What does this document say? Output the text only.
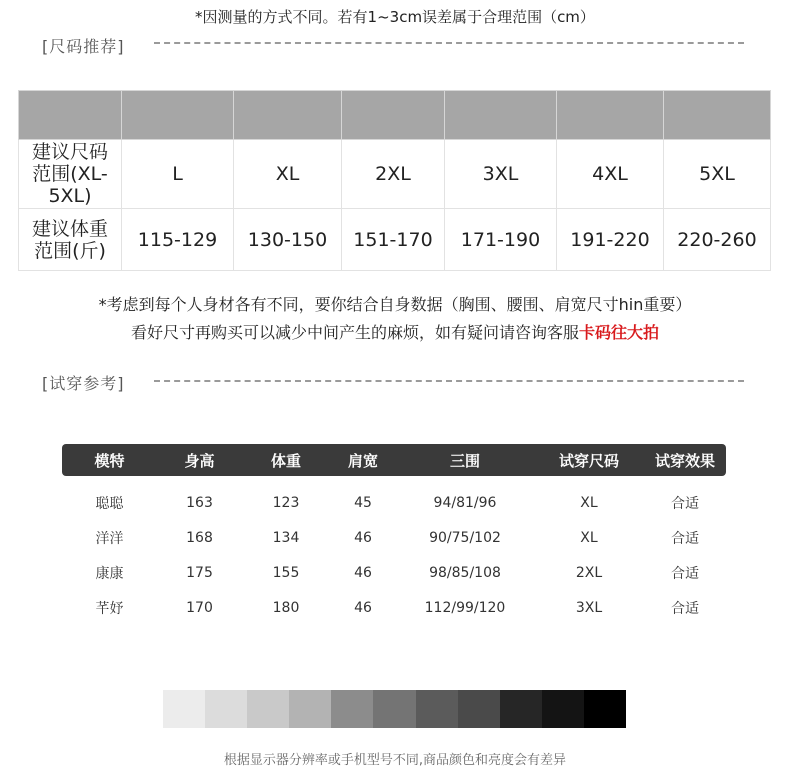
*因测量的方式不同。若有1~3cm误差属于合理范围（cm）
[尺码推荐]

建议尺码
范围(XL-5XL)	L	XL	2XL	3XL	4XL	5XL

建议体重
范围(斤)	115-129	130-150	151-170	171-190	191-220	220-260
*考虑到每个人身材各有不同，要你结合自身数据（胸围、腰围、肩宽尺寸hin重要）
看好尺寸再购买可以减少中间产生的麻烦，如有疑问请咨询客服卡码往大拍
[试穿参考]
模特	身高	体重	肩宽	三围	试穿尺码	试穿效果
聪聪	163	123	45	94/81/96	XL	合适
洋洋	168	134	46	90/75/102	XL	合适
康康	175	155	46	98/85/108	2XL	合适
芊妤	170	180	46	112/99/120	3XL	合适
根据显示器分辨率或手机型号不同,商品颜色和亮度会有差异
